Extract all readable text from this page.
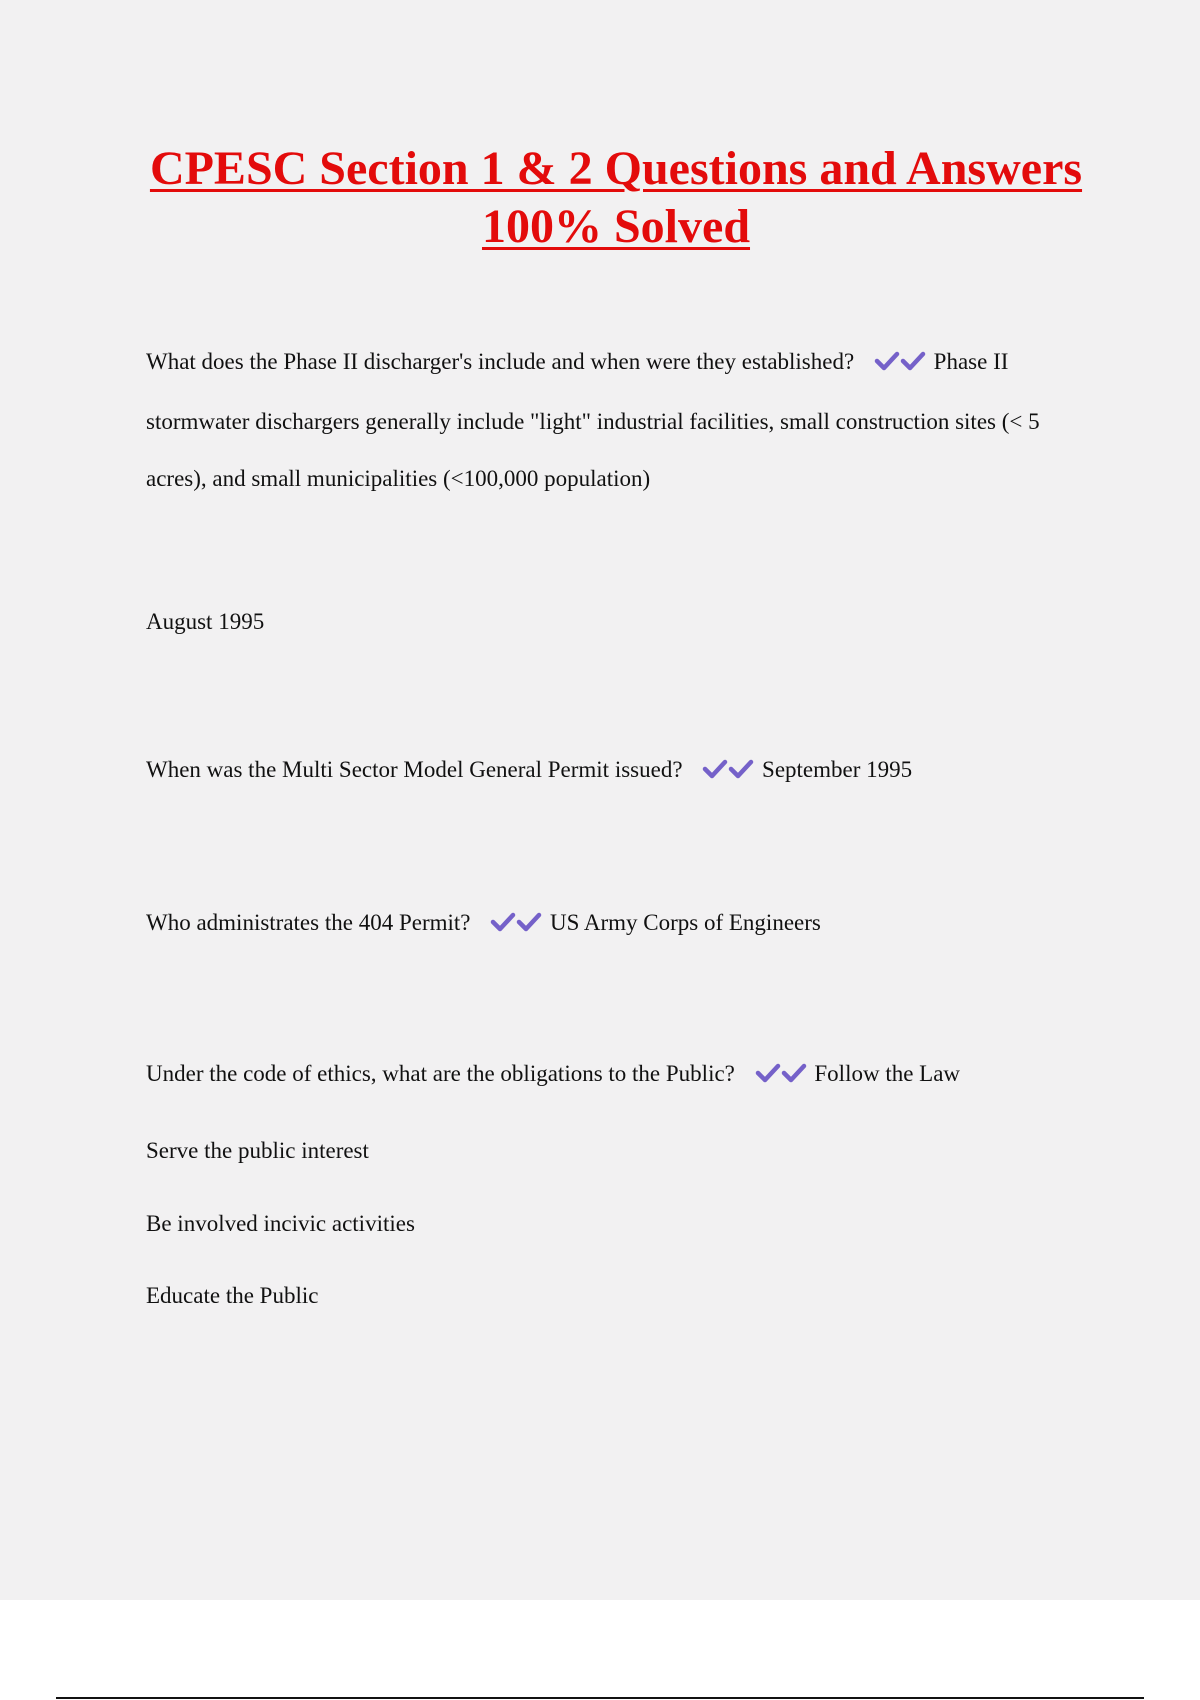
CPESC Section 1 & 2 Questions and Answers
100% Solved

What does the Phase II discharger's include and when were they established?	Phase II

stormwater dischargers generally include "light" industrial facilities, small construction sites (< 5

acres), and small municipalities (<100,000 population)

August 1995

When was the Multi Sector Model General Permit issued?	September 1995

Who administrates the 404 Permit?	US Army Corps of Engineers

Under the code of ethics, what are the obligations to the Public?	Follow the Law

Serve the public interest

Be involved incivic activities

Educate the Public
